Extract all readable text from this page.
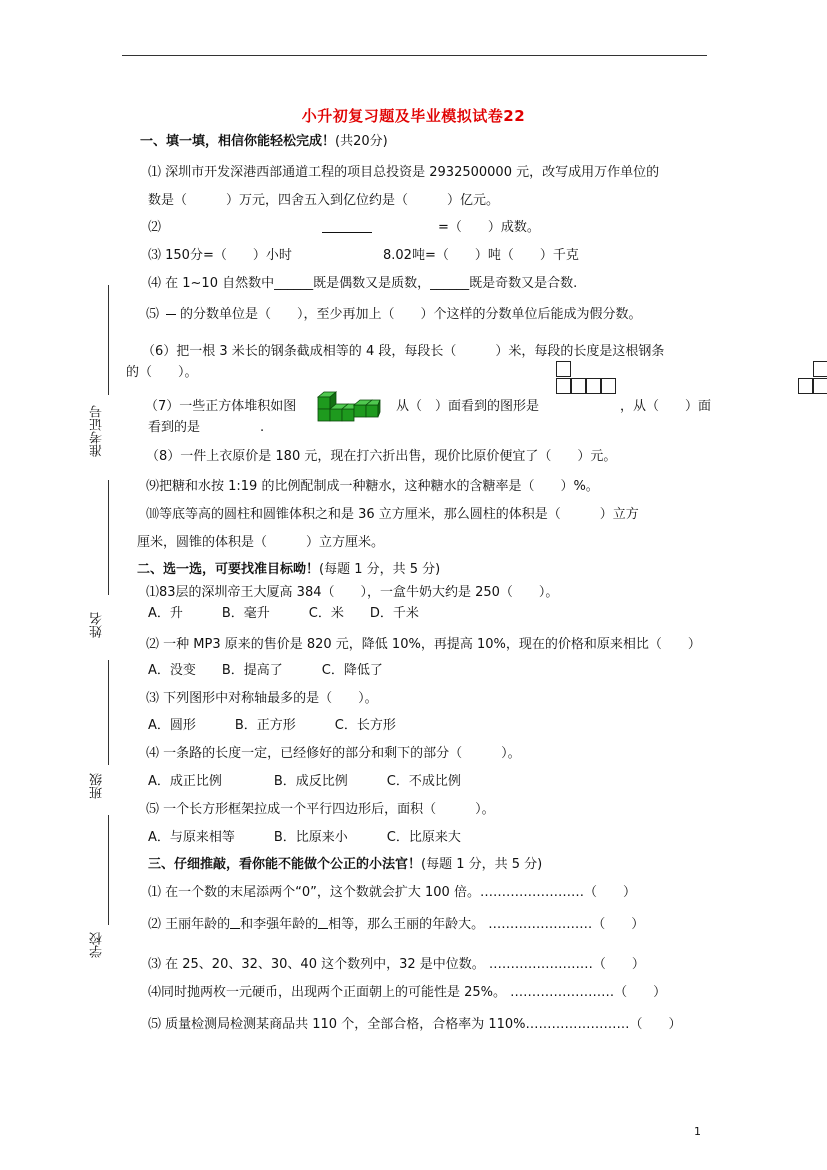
小升初复习题及毕业模拟试卷22
准考证号
姓名
班级
学校
一、填一填，相信你能轻松完成！(共20分)
⑴ 深圳市开发深港西部通道工程的项目总投资是 2932500000 元，改写成用万作单位的
数是（　　　）万元，四舍五入到亿位约是（　　　）亿元。
⑵	=（　　）成数。
⑶ 150分=（　　）小时	8.02吨=（　　）吨（　　）千克
⑷ 在 1~10 自然数中______既是偶数又是质数，______既是奇数又是合数.
⑸ 的分数单位是（　　），至少再加上（　　）个这样的分数单位后能成为假分数。
（6）把一根 3 米长的钢条截成相等的 4 段，每段长（　　　）米，每段的长度是这根钢条
的（　　）。
（7）一些正方体堆积如图	从（　）面看到的图形是	，从（　　）面
看到的是	.
（8）一件上衣原价是 180 元，现在打六折出售，现价比原价便宜了（　　）元。
⑼把糖和水按 1:19 的比例配制成一种糖水，这种糖水的含糖率是（　　）%。
⑽等底等高的圆柱和圆锥体积之和是 36 立方厘米，那么圆柱的体积是（　　　）立方
厘米，圆锥的体积是（　　　）立方厘米。
二、选一选，可要找准目标呦！(每题 1 分，共 5 分)
⑴83层的深圳帝王大厦高 384（　　），一盒牛奶大约是 250（　　）。
A．升　　　B．毫升　　　C．米　　D．千米
⑵ 一种 MP3 原来的售价是 820 元，降低 10%，再提高 10%，现在的价格和原来相比（　　）
A．没变　　B．提高了　　　C．降低了
⑶ 下列图形中对称轴最多的是（　　）。
A．圆形　　　B．正方形　　　C．长方形
⑷ 一条路的长度一定，已经修好的部分和剩下的部分（　　　）。
A．成正比例　　　　B．成反比例　　　C．不成比例
⑸ 一个长方形框架拉成一个平行四边形后，面积（　　　）。
A．与原来相等　　　B．比原来小　　　C．比原来大
三、仔细推敲，看你能不能做个公正的小法官！(每题 1 分，共 5 分)
⑴ 在一个数的末尾添两个“0”，这个数就会扩大 100 倍。……………………（　　）
⑵ 王丽年龄的 和李强年龄的 相等，那么王丽的年龄大。 ……………………（　　）
⑶ 在 25、20、32、30、40 这个数列中，32 是中位数。 ……………………（　　）
⑷同时抛两枚一元硬币，出现两个正面朝上的可能性是 25%。 ……………………（　　）
⑸ 质量检测局检测某商品共 110 个，全部合格，合格率为 110%……………………（　　）
1
